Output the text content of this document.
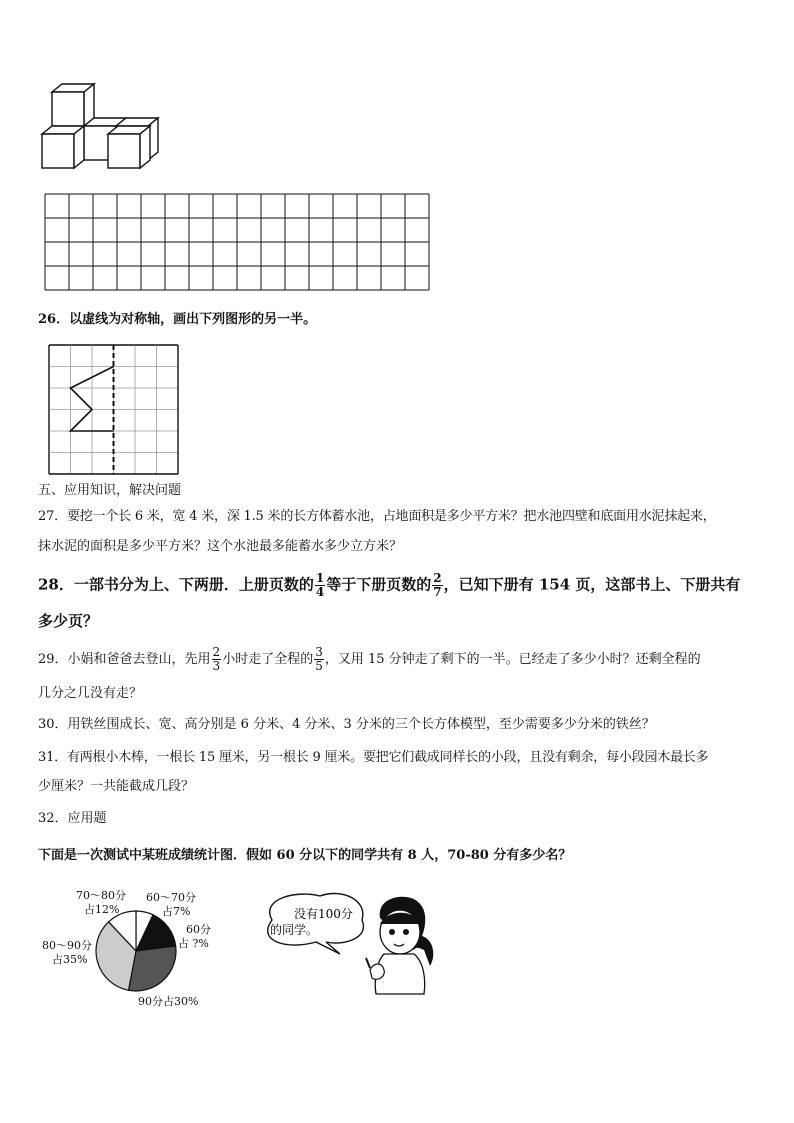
26．以虚线为对称轴，画出下列图形的另一半。
五、应用知识，解决问题
27．要挖一个长 6 米，宽 4 米，深 1.5 米的长方体蓄水池，占地面积是多少平方米？把水池四壁和底面用水泥抹起来，
抹水泥的面积是多少平方米？这个水池最多能蓄水多少立方米？
28．一部书分为上、下两册．上册页数的 $\frac{1}{4}$ 等于下册页数的 $\frac{2}{7}$ ，已知下册有 154 页，这部书上、下册共有
多少页？
29．小娟和爸爸去登山，先用 $\frac{2}{3}$ 小时走了全程的 $\frac{3}{5}$ ，又用 15 分钟走了剩下的一半。已经走了多少小时？还剩全程的
几分之几没有走？
30．用铁丝围成长、宽、高分别是 6 分米、4 分米、3 分米的三个长方体模型，至少需要多少分米的铁丝？
31．有两根小木棒，一根长 15 厘米，另一根长 9 厘米。要把它们截成同样长的小段，且没有剩余，每小段园木最长多
少厘米？一共能截成几段？
32．应用题
下面是一次测试中某班成绩统计图．假如 60 分以下的同学共有 8 人，70-80 分有多少名？
70～80分
占12%
60～70分
占7%
60分
占 ?%
80～90分
占35%
90分占30%
没有100分
的同学。
